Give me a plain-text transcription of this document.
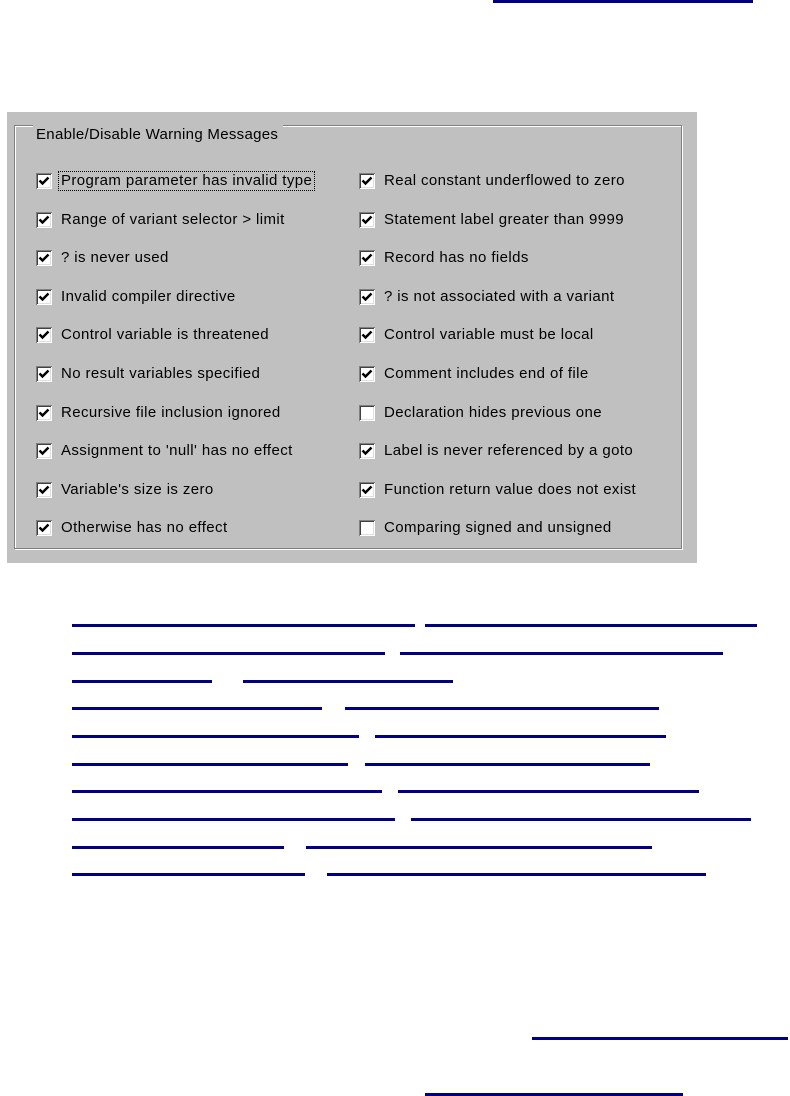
Enable/Disable Warning Messages
Program parameter has invalid type
Range of variant selector > limit
? is never used
Invalid compiler directive
Control variable is threatened
No result variables specified
Recursive file inclusion ignored
Assignment to 'null' has no effect
Variable's size is zero
Otherwise has no effect
Real constant underflowed to zero
Statement label greater than 9999
Record has no fields
? is not associated with a variant
Control variable must be local
Comment includes end of file
Declaration hides previous one
Label is never referenced by a goto
Function return value does not exist
Comparing signed and unsigned
